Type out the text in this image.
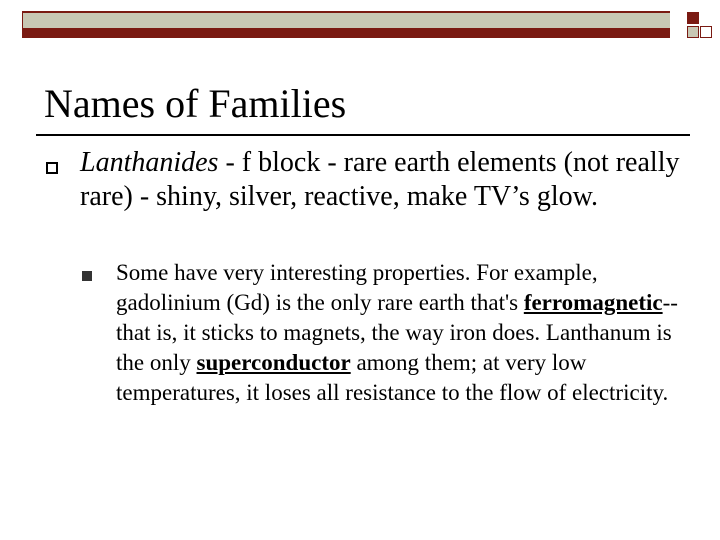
Names of Families

Lanthanides - f block - rare earth elements (not really rare) - shiny, silver, reactive, make TV’s glow.

Some have very interesting properties. For example, gadolinium (Gd) is the only rare earth that's ferromagnetic--that is, it sticks to magnets, the way iron does. Lanthanum is the only superconductor among them; at very low temperatures, it loses all resistance to the flow of electricity.
